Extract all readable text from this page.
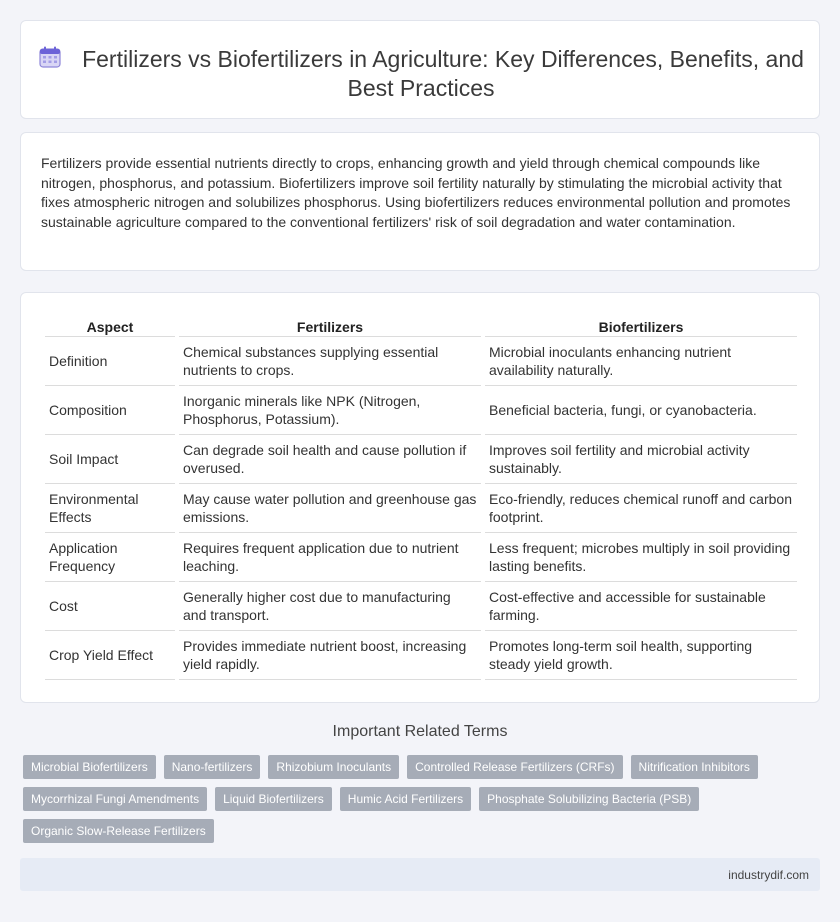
Fertilizers vs Biofertilizers in Agriculture: Key Differences, Benefits, and Best Practices

Fertilizers provide essential nutrients directly to crops, enhancing growth and yield through chemical compounds like nitrogen, phosphorus, and potassium. Biofertilizers improve soil fertility naturally by stimulating the microbial activity that fixes atmospheric nitrogen and solubilizes phosphorus. Using biofertilizers reduces environmental pollution and promotes sustainable agriculture compared to the conventional fertilizers' risk of soil degradation and water contamination.

Aspect	Fertilizers	Biofertilizers
Definition	Chemical substances supplying essential nutrients to crops.	Microbial inoculants enhancing nutrient availability naturally.
Composition	Inorganic minerals like NPK (Nitrogen, Phosphorus, Potassium).	Beneficial bacteria, fungi, or cyanobacteria.
Soil Impact	Can degrade soil health and cause pollution if overused.	Improves soil fertility and microbial activity sustainably.
Environmental Effects	May cause water pollution and greenhouse gas emissions.	Eco-friendly, reduces chemical runoff and carbon footprint.
Application Frequency	Requires frequent application due to nutrient leaching.	Less frequent; microbes multiply in soil providing lasting benefits.
Cost	Generally higher cost due to manufacturing and transport.	Cost-effective and accessible for sustainable farming.
Crop Yield Effect	Provides immediate nutrient boost, increasing yield rapidly.	Promotes long-term soil health, supporting steady yield growth.
Important Related Terms
Microbial Biofertilizers	Nano-fertilizers	Rhizobium Inoculants	Controlled Release Fertilizers (CRFs)	Nitrification Inhibitors
Mycorrhizal Fungi Amendments	Liquid Biofertilizers	Humic Acid Fertilizers	Phosphate Solubilizing Bacteria (PSB)
Organic Slow-Release Fertilizers
industrydif.com
